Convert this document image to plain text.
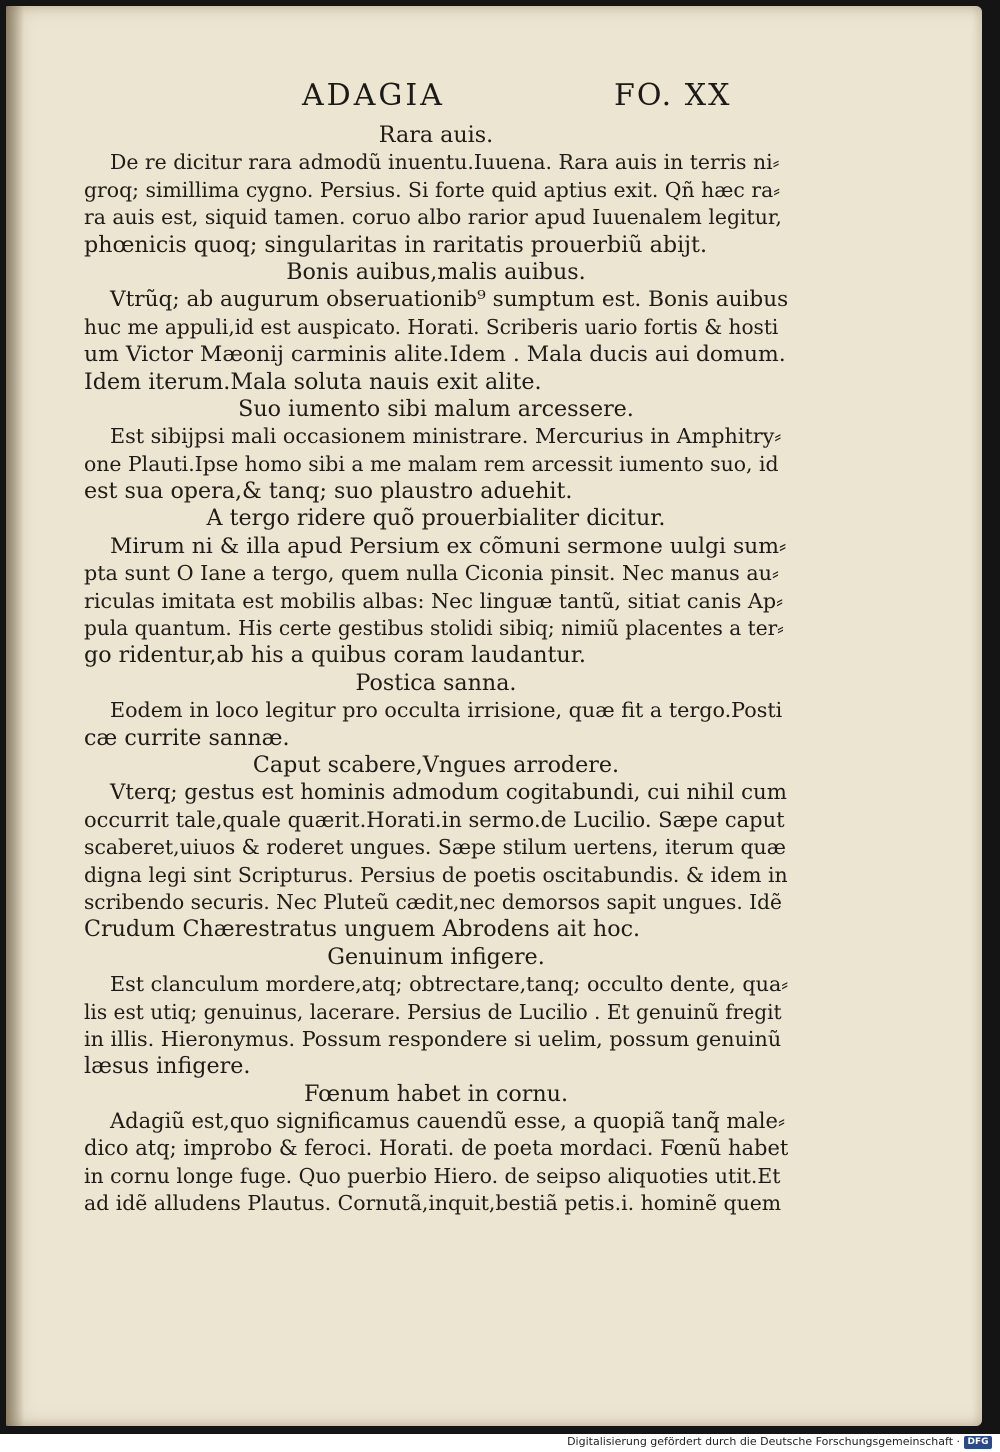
ADAGIA	FO. XX
Rara auis.
De re dicitur rara admodũ inuentu.Iuuena. Rara auis in terris ni⸗
groq; simillima cygno. Persius. Si forte quid aptius exit. Qñ hæc ra⸗
ra auis est, siquid tamen. coruo albo rarior apud Iuuenalem legitur,
phœnicis quoq; singularitas in raritatis prouerbiũ abijt.
Bonis auibus,malis auibus.
Vtrũq; ab augurum obseruationib⁹ sumptum est. Bonis auibus
huc me appuli,id est auspicato. Horati. Scriberis uario fortis & hosti
um Victor Mæonij carminis alite.Idem . Mala ducis aui domum.
Idem iterum.Mala soluta nauis exit alite.
Suo iumento sibi malum arcessere.
Est sibijpsi mali occasionem ministrare. Mercurius in Amphitry⸗
one Plauti.Ipse homo sibi a me malam rem arcessit iumento suo, id
est sua opera,& tanq; suo plaustro aduehit.
A tergo ridere quõ prouerbialiter dicitur.
Mirum ni & illa apud Persium ex cõmuni sermone uulgi sum⸗
pta sunt O Iane a tergo, quem nulla Ciconia pinsit. Nec manus au⸗
riculas imitata est mobilis albas: Nec linguæ tantũ, sitiat canis Ap⸗
pula quantum. His certe gestibus stolidi sibiq; nimiũ placentes a ter⸗
go ridentur,ab his a quibus coram laudantur.
Postica sanna.
Eodem in loco legitur pro occulta irrisione, quæ fit a tergo.Posti
cæ currite sannæ.
Caput scabere,Vngues arrodere.
Vterq; gestus est hominis admodum cogitabundi, cui nihil cum
occurrit tale,quale quærit.Horati.in sermo.de Lucilio. Sæpe caput
scaberet,uiuos & roderet ungues. Sæpe stilum uertens, iterum quæ
digna legi sint Scripturus. Persius de poetis oscitabundis. & idem in
scribendo securis. Nec Pluteũ cædit,nec demorsos sapit ungues. Idẽ
Crudum Chærestratus unguem Abrodens ait hoc.
Genuinum infigere.
Est clanculum mordere,atq; obtrectare,tanq; occulto dente, qua⸗
lis est utiq; genuinus, lacerare. Persius de Lucilio . Et genuinũ fregit
in illis. Hieronymus. Possum respondere si uelim, possum genuinũ
læsus infigere.
Fœnum habet in cornu.
Adagiũ est,quo significamus cauendũ esse, a quopiã tanq̃ male⸗
dico atq; improbo & feroci. Horati. de poeta mordaci. Fœnũ habet
in cornu longe fuge. Quo puerbio Hiero. de seipso aliquoties utit.Et
ad idẽ alludens Plautus. Cornutã,inquit,bestiã petis.i. hominẽ quem
Digitalisierung gefördert durch die Deutsche Forschungsgemeinschaft · DFG
